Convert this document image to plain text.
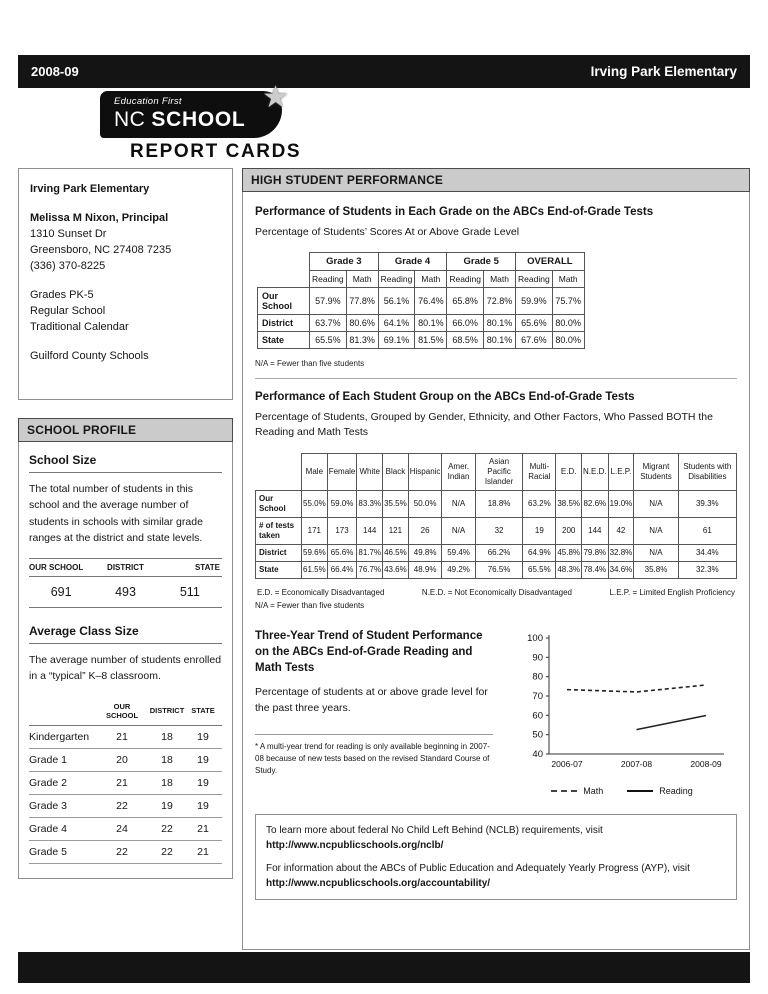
2008-09	Irving Park Elementary
Education First
NC SCHOOL
★
REPORT CARDS
Irving Park Elementary
Melissa M Nixon, Principal
1310 Sunset Dr
Greensboro, NC 27408 7235
(336) 370-8225
Grades PK-5
Regular School
Traditional Calendar
Guilford County Schools
SCHOOL PROFILE
School Size
The total number of students in this school and the average number of students in schools with similar grade ranges at the district and state levels.
OUR SCHOOL	DISTRICT	STATE
691	493	511
Average Class Size
The average number of students enrolled in a “typical” K–8 classroom.
OUR SCHOOL	DISTRICT STATE
Kindergarten	21	18	19
Grade 1	20	18	19
Grade 2	21	18	19
Grade 3	22	19	19
Grade 4	24	22	21
Grade 5	22	22	21
HIGH STUDENT PERFORMANCE
Performance of Students in Each Grade on the ABCs End-of-Grade Tests
Percentage of Students’ Scores At or Above Grade Level
	Grade 3		Grade 4		Grade 5		OVERALL	
	Reading	Math	Reading	Math	Reading	Math	Reading	Math
Our School	57.9%	77.8%	56.1%	76.4%	65.8%	72.8%	59.9%	75.7%
District	63.7%	80.6%	64.1%	80.1%	66.0%	80.1%	65.6%	80.0%
State	65.5%	81.3%	69.1%	81.5%	68.5%	80.1%	67.6%	80.0%
N/A = Fewer than five students
Performance of Each Student Group on the ABCs End-of-Grade Tests
Percentage of Students, Grouped by Gender, Ethnicity, and Other Factors, Who Passed BOTH the Reading and Math Tests
	Male	Female	White	Black	Hispanic	Amer. Indian	Asian Pacific Islander	Multi- Racial	E.D.	N.E.D.	L.E.P.	Migrant Students	Students with Disabilities
Our School	55.0%	59.0%	83.3%	35.5%	50.0%	N/A	18.8%	63.2%	38.5%	82.6%	19.0%	N/A	39.3%
# of tests taken	171	173	144	121	26	N/A	32	19	200	144	42	N/A	61
District	59.6%	65.6%	81.7%	46.5%	49.8%	59.4%	66.2%	64.9%	45.8%	79.8%	32.8%	N/A	34.4%
State	61.5%	66.4%	76.7%	43.6%	48.9%	49.2%	76.5%	65.5%	48.3%	78.4%	34.6%	35.8%	32.3%
E.D. = Economically Disadvantaged	N.E.D. = Not Economically Disadvantaged	L.E.P. = Limited English Proficiency
N/A = Fewer than five students
Three-Year Trend of Student Performance on the ABCs End-of-Grade Reading and Math Tests
Percentage of students at or above grade level for the past three years.
* A multi-year trend for reading is only available beginning in 2007-08 because of new tests based on the revised Standard Course of Study.
100
90
80
70
60
50
40
2006-07	2007-08	2008-09
Math	Reading
To learn more about federal No Child Left Behind (NCLB) requirements, visit
http://www.ncpublicschools.org/nclb/
For information about the ABCs of Public Education and Adequately Yearly Progress (AYP), visit
http://www.ncpublicschools.org/accountability/
